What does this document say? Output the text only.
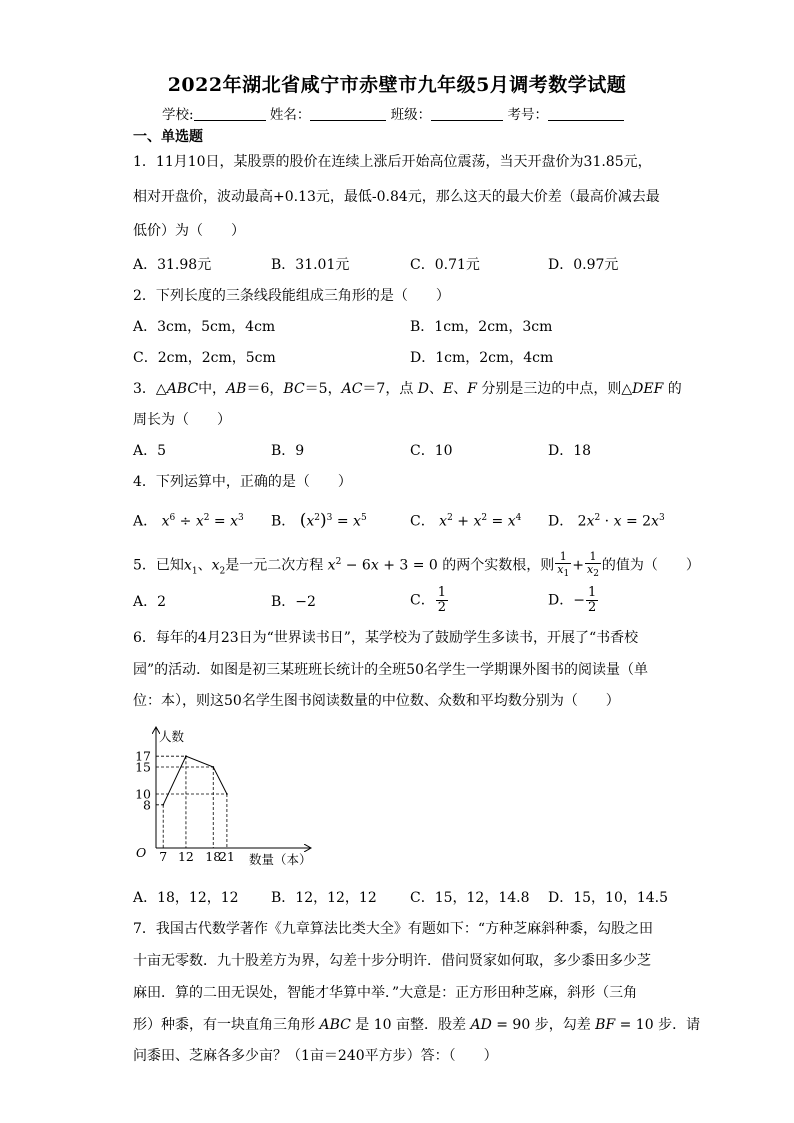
2022年湖北省咸宁市赤壁市九年级5月调考数学试题
学校:	姓名：	班级：	考号：
一、单选题
1．11月10日，某股票的股价在连续上涨后开始高位震荡，当天开盘价为31.85元，
相对开盘价，波动最高+0.13元，最低-0.84元，那么这天的最大价差（最高价减去最
低价）为（　　）
A．31.98元	B．31.01元	C．0.71元	D．0.97元
2．下列长度的三条线段能组成三角形的是（　　）
A．3cm，5cm，4cm	B．1cm，2cm，3cm
C．2cm，2cm，5cm	D．1cm，2cm，4cm
3．△ABC中，AB＝6，BC＝5，AC＝7，点 D、E、F 分别是三边的中点，则△DEF 的
周长为（　　）
A．5	B．9	C．10	D．18
4．下列运算中，正确的是（　　）
A． $x^6 \div x^2 = x^3$ B． $(x^2)^3 = x^5$	C． $x^2 + x^2 = x^4$ D． $2x^2 \cdot x = 2x^3$
5．已知$x_1$、$x_2$是一元二次方程 $x^2 - 6x + 3 = 0$ 的两个实数根，则 $\frac{1}{x_1} + \frac{1}{x_2}$ 的值为（　　）
A．2	B．−2	C． $\frac{1}{2}$	D．− $\frac{1}{2}$
6．每年的4月23日为“世界读书日”，某学校为了鼓励学生多读书，开展了“书香校
园”的活动．如图是初三某班班长统计的全班50名学生一学期课外图书的阅读量（单
位：本），则这50名学生图书阅读数量的中位数、众数和平均数分别为（　　）
7 12 18
21
8
10
15
17
人数
数量（本）
O
A．18，12，12 B．12，12，12 C．15，12，14.8 D．15，10，14.5
7．我国古代数学著作《九章算法比类大全》有题如下：“方种芝麻斜种黍，勾股之田
十亩无零数．九十股差方为界，勾差十步分明许．借问贤家如何取，多少黍田多少芝
麻田．算的二田无误处，智能才华算中举．”大意是：正方形田种芝麻，斜形（三角
形）种黍，有一块直角三角形 ABC 是 10 亩整．股差 AD = 90 步，勾差 BF = 10 步．请
问黍田、芝麻各多少亩？（1亩＝240平方步）答：（　　）
